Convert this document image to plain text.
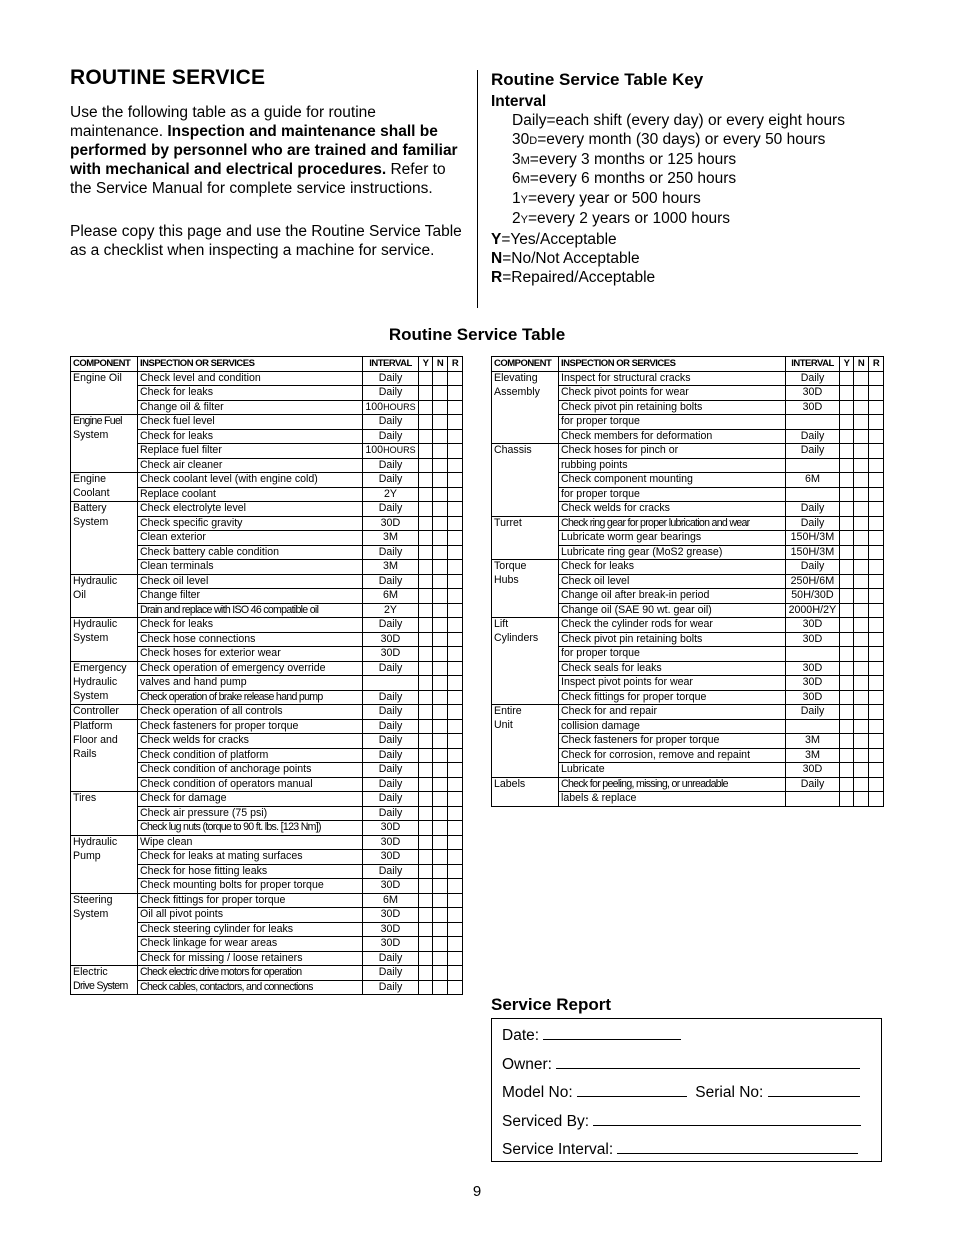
ROUTINE SERVICE
Use the following table as a guide for routine maintenance. Inspection and maintenance shall be performed by personnel who are trained and familiar with mechanical and electrical procedures. Refer to the Service Manual for complete service instructions.
Please copy this page and use the Routine Service Table as a checklist when inspecting a machine for service.
Routine Service Table Key
Interval
Daily=each shift (every day) or every eight hours
30D=every month (30 days) or every 50 hours
3M=every 3 months or 125 hours
6M=every 6 months or 250 hours
1Y=every year or 500 hours
2Y=every 2 years or 1000 hours
Y=Yes/Acceptable
N=No/Not Acceptable
R=Repaired/Acceptable
Routine Service Table
COMPONENT	INSPECTION OR SERVICES	INTERVAL	Y	N	R
Engine Oil	Check level and condition	Daily			
	Check for leaks	Daily			
	Change oil & filter	100HOURS			
Engine Fuel	Check fuel level	Daily			
System	Check for leaks	Daily			
	Replace fuel filter	100HOURS			
	Check air cleaner	Daily			
Engine	Check coolant level (with engine cold)	Daily			
Coolant	Replace coolant	2Y			
Battery	Check electrolyte level	Daily			
System	Check specific gravity	30D			
	Clean exterior	3M			
	Check battery cable condition	Daily			
	Clean terminals	3M			
Hydraulic	Check oil level	Daily			
Oil	Change filter	6M			
	Drain and replace with ISO 46 compatible oil	2Y			
Hydraulic	Check for leaks	Daily			
System	Check hose connections	30D			
	Check hoses for exterior wear	30D			
Emergency	Check operation of emergency override	Daily			
Hydraulic	valves and hand pump				
System	Check operation of brake release hand pump	Daily			
Controller	Check operation of all controls	Daily			
Platform	Check fasteners for proper torque	Daily			
Floor and	Check welds for cracks	Daily			
Rails	Check condition of platform	Daily			
	Check condition of anchorage points	Daily			
	Check condition of operators manual	Daily			
Tires	Check for damage	Daily			
	Check air pressure (75 psi)	Daily			
	Check lug nuts (torque to 90 ft. lbs. [123 Nm])	30D			
Hydraulic	Wipe clean	30D			
Pump	Check for leaks at mating surfaces	30D			
	Check for hose fitting leaks	Daily			
	Check mounting bolts for proper torque	30D			
Steering	Check fittings for proper torque	6M			
System	Oil all pivot points	30D			
	Check steering cylinder for leaks	30D			
	Check linkage for wear areas	30D			
	Check for missing / loose retainers	Daily			
Electric	Check electric drive motors for operation	Daily			
Drive System	Check cables, contactors, and connections	Daily			
COMPONENT	INSPECTION OR SERVICES	INTERVAL	Y	N	R
Elevating	Inspect for structural cracks	Daily			
Assembly	Check pivot points for wear	30D			
	Check pivot pin retaining bolts	30D			
	for proper torque				
	Check members for deformation	Daily			
Chassis	Check hoses for pinch or	Daily			
	rubbing points				
	Check component mounting	6M			
	for proper torque				
	Check welds for cracks	Daily			
Turret	Check ring gear for proper lubrication and wear	Daily			
	Lubricate worm gear bearings	150H/3M			
	Lubricate ring gear (MoS2 grease)	150H/3M			
Torque	Check for leaks	Daily			
Hubs	Check oil level	250H/6M			
	Change oil after break-in period	50H/30D			
	Change oil (SAE 90 wt. gear oil)	2000H/2Y			
Lift	Check the cylinder rods for wear	30D			
Cylinders	Check pivot pin retaining bolts	30D			
	for proper torque				
	Check seals for leaks	30D			
	Inspect pivot points for wear	30D			
	Check fittings for proper torque	30D			
Entire	Check for and repair	Daily			
Unit	collision damage				
	Check fasteners for proper torque	3M			
	Check for corrosion, remove and repaint	3M			
	Lubricate	30D			
Labels	Check for peeling, missing, or unreadable	Daily			
	labels & replace				
Service Report
Date:
Owner:
Model No:	Serial No:
Serviced By:
Service Interval:
9
